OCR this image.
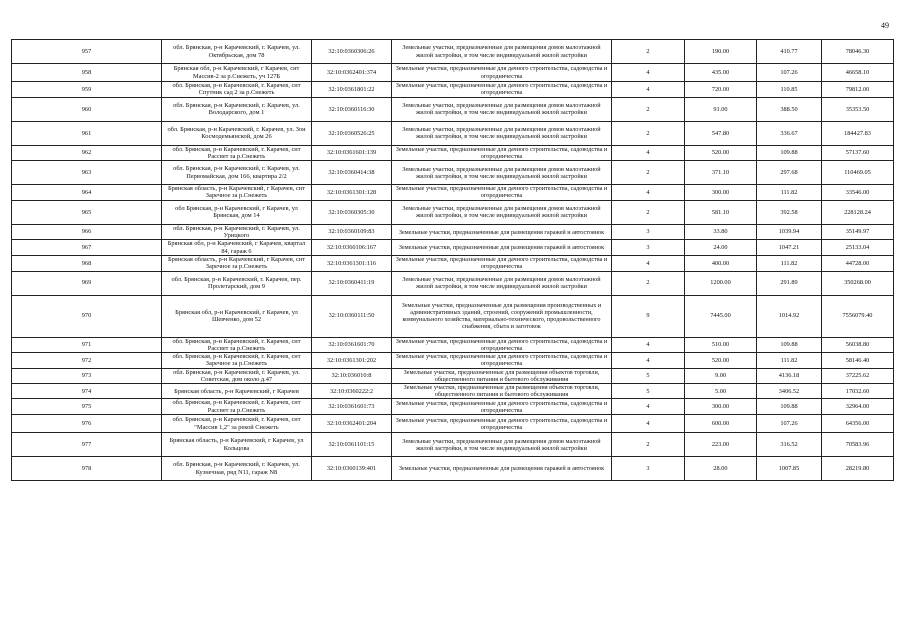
49
957	обл. Брянская, р-н Карачевский, г. Карачев, ул. Октябрьская, дом 78	32:10:0360306:26	Земельные участки, предназначенные для размещения домов малоэтажной жилой застройки, в том числе индивидуальной жилой застройки	2	190.00	410.77	78046.30
958	Брянская обл, р-н Карачевский, г Карачев, снт Массив-2 за р.Снежеть, уч 127Б	32:10:0362401:374	Земельные участки, предназначенные для дачного строительства, садоводства и огородничества	4	435.00	107.26	46658.10
959	обл. Брянская, р-н Карачевский, г. Карачев, снт Спутник сад 2 за р.Снежеть	32:10:0361801:22	Земельные участки, предназначенные для дачного строительства, садоводства и огородничества	4	720.00	110.85	79812.00
960	обл. Брянская, р-н Карачевский, г. Карачев, ул. Володарского, дом 1	32:10:0360116:30	Земельные участки, предназначенные для размещения домов малоэтажной жилой застройки, в том числе индивидуальной жилой застройки	2	91.00	388.50	35353.50
961	обл. Брянская, р-н Карачевский, г. Карачев, ул. Зои Космодемьянской, дом 26	32:10:0360526:25	Земельные участки, предназначенные для размещения домов малоэтажной жилой застройки, в том числе индивидуальной жилой застройки	2	547.80	336.67	184427.83
962	обл. Брянская, р-н Карачевский, г. Карачев, снт Рассвет за р.Снежеть	32:10:0361601:139	Земельные участки, предназначенные для дачного строительства, садоводства и огородничества	4	520.00	109.88	57137.60
963	обл. Брянская, р-н Карачевский, г. Карачев, ул. Первомайская, дом 166, квартира 2/2	32:10:0360414:38	Земельные участки, предназначенные для размещения домов малоэтажной жилой застройки, в том числе индивидуальной жилой застройки	2	371.10	297.68	110469.05
964	Брянская область, р-н Карачевский, г Карачев, снт Заречное за р.Снежеть	32:10:0361301:128	Земельные участки, предназначенные для дачного строительства, садоводства и огородничества	4	300.00	111.82	33546.00
965	обл Брянская, р-н Карачевский, г Карачев, ул Брянская, дом 14	32:10:0360305:30	Земельные участки, предназначенные для размещения домов малоэтажной жилой застройки, в том числе индивидуальной жилой застройки	2	581.10	392.58	228128.24
966	обл. Брянская, р-н Карачевский, г. Карачев, ул. Урицкого	32:10:0360109:83	Земельные участки, предназначенные для размещения гаражей и автостоянок	3	33.80	1039.94	35149.97
967	Брянская обл, р-н Карачевский, г Карачев, квартал 84, гараж 6	32:10:0360106:167	Земельные участки, предназначенные для размещения гаражей и автостоянок	3	24.00	1047.21	25133.04
968	Брянская область, р-н Карачевский, г Карачев, снт Заречное за р.Снежеть	32:10:0361301:116	Земельные участки, предназначенные для дачного строительства, садоводства и огородничества	4	400.00	111.82	44728.00
969	обл. Брянская, р-н Карачевский, г. Карачев, пер. Пролетарский, дом 9	32:10:0360411:19	Земельные участки, предназначенные для размещения домов малоэтажной жилой застройки, в том числе индивидуальной жилой застройки	2	1200.00	291.89	350268.00
970	Брянская обл, р-н Карачевский, г Карачев, ул Шевченко, дом 52	32:10:0360111:50	Земельные участки, предназначенные для размещения производственных и административных зданий, строений, сооружений промышленности, коммунального хозяйства, материально-технического, продовольственного снабжения, сбыта и заготовок	9	7445.00	1014.92	7556079.40
971	обл. Брянская, р-н Карачевский, г. Карачев, снт Рассвет за р.Снежеть	32:10:0361601:70	Земельные участки, предназначенные для дачного строительства, садоводства и огородничества	4	510.00	109.88	56038.80
972	обл. Брянская, р-н Карачевский, г. Карачев, снт Заречное за р.Снежеть	32:10:0361301:202	Земельные участки, предназначенные для дачного строительства, садоводства и огородничества	4	520.00	111.82	58146.40
973	обл. Брянская, р-н Карачевский, г. Карачев, ул. Советская, дом около д.47	32:10:036010:8	Земельные участки, предназначенные для размещения объектов торговли, общественного питания и бытового обслуживания	5	9.00	4136.18	37225.62
974	Брянская область, р-н Карачевский, г Карачев	32:10:0360222:2	Земельные участки, предназначенные для размещения объектов торговли, общественного питания и бытового обслуживания	5	5.00	3406.52	17032.60
975	обл. Брянская, р-н Карачевский, г. Карачев, снт Рассвет за р.Снежеть	32:10:0361601:73	Земельные участки, предназначенные для дачного строительства, садоводства и огородничества	4	300.00	109.88	32964.00
976	обл. Брянская, р-н Карачевский, г. Карачев, снт "Массив 1,2" за рекой Снежеть	32:10:0362401:204	Земельные участки, предназначенные для дачного строительства, садоводства и огородничества	4	600.00	107.26	64356.00
977	Брянская область, р-н Карачевский, г Карачев, ул Кольцова	32:10:0361101:15	Земельные участки, предназначенные для размещения домов малоэтажной жилой застройки, в том числе индивидуальной жилой застройки	2	223.00	316.52	70583.96
978	обл. Брянская, р-н Карачевский, г. Карачев, ул. Кузнечная, ряд N11, гараж N8	32:10:0360139:401	Земельные участки, предназначенные для размещения гаражей и автостоянок	3	28.00	1007.85	28219.80
